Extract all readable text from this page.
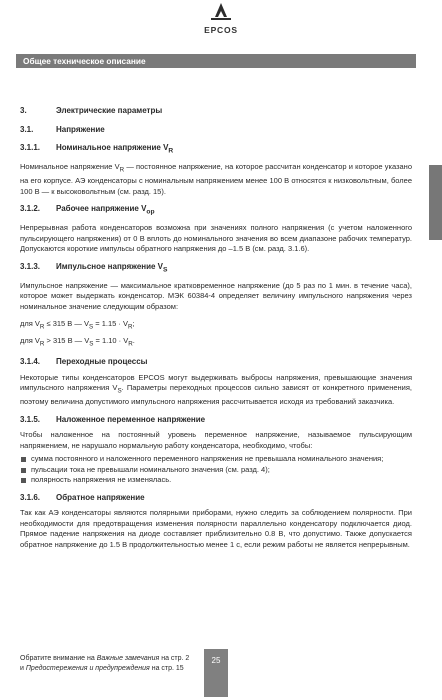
EPCOS
Общее техническое описание
3.	Электрические параметры
3.1.	Напряжение
3.1.1. Номинальное напряжение $V_R$

Номинальное напряжение $V_R$ — постоянное напряжение, на которое рассчитан конденсатор и которое указано на его корпусе. АЭ конденсаторы с номинальным напряжением менее 100 В относятся к низковольтным, более 100 В — к высоковольтным (см. разд. 15).

3.1.2. Рабочее напряжение $V_{op}$

Непрерывная работа конденсаторов возможна при значениях полного напряжения (с учетом наложенного пульсирующего напряжения) от 0 В вплоть до номинального значения во всем диапазоне рабочих температур. Допускаются короткие импульсы обратного напряжения до –1.5 В (см. разд. 3.1.6).

3.1.3. Импульсное напряжение $V_S$

Импульсное напряжение — максимальное кратковременное напряжение (до 5 раз по 1 мин. в течение часа), которое может выдержать конденсатор. МЭК 60384-4 определяет величину импульсного напряжения через номинальное значение следующим образом:

для $V_R \le 315$ В — $V_S = 1.15 \cdot V_R$;

для $V_R > 315$ В — $V_S = 1.10 \cdot V_R$.

3.1.4. Переходные процессы

Некоторые типы конденсаторов EPCOS могут выдерживать выбросы напряжения, превышающие значения импульсного напряжения $V_S$. Параметры переходных процессов сильно зависят от конкретного применения, поэтому величина допустимого импульсного напряжения рассчитывается исходя из требований заказчика.

3.1.5. Наложенное переменное напряжение

Чтобы наложенное на постоянный уровень переменное напряжение, называемое пульсирующим напряжением, не нарушало нормальную работу конденсатора, необходимо, чтобы:

сумма постоянного и наложенного переменного напряжения не превышала номинального значения;
пульсации тока не превышали номинального значения (см. разд. 4);
полярность напряжения не изменялась.
3.1.6. Обратное напряжение

Так как АЭ конденсаторы являются полярными приборами, нужно следить за соблюдением полярности. При необходимости для предотвращения изменения полярности параллельно конденсатору подключается диод. Прямое падение напряжения на диоде составляет приблизительно 0.8 В, что допустимо. Также допускается обратное напряжение до 1.5 В продолжительностью менее 1 с, если режим работы не является непрерывным.

Обратите внимание на Важные замечания на стр. 2
и Предостережения и предупреждения на стр. 15
25
